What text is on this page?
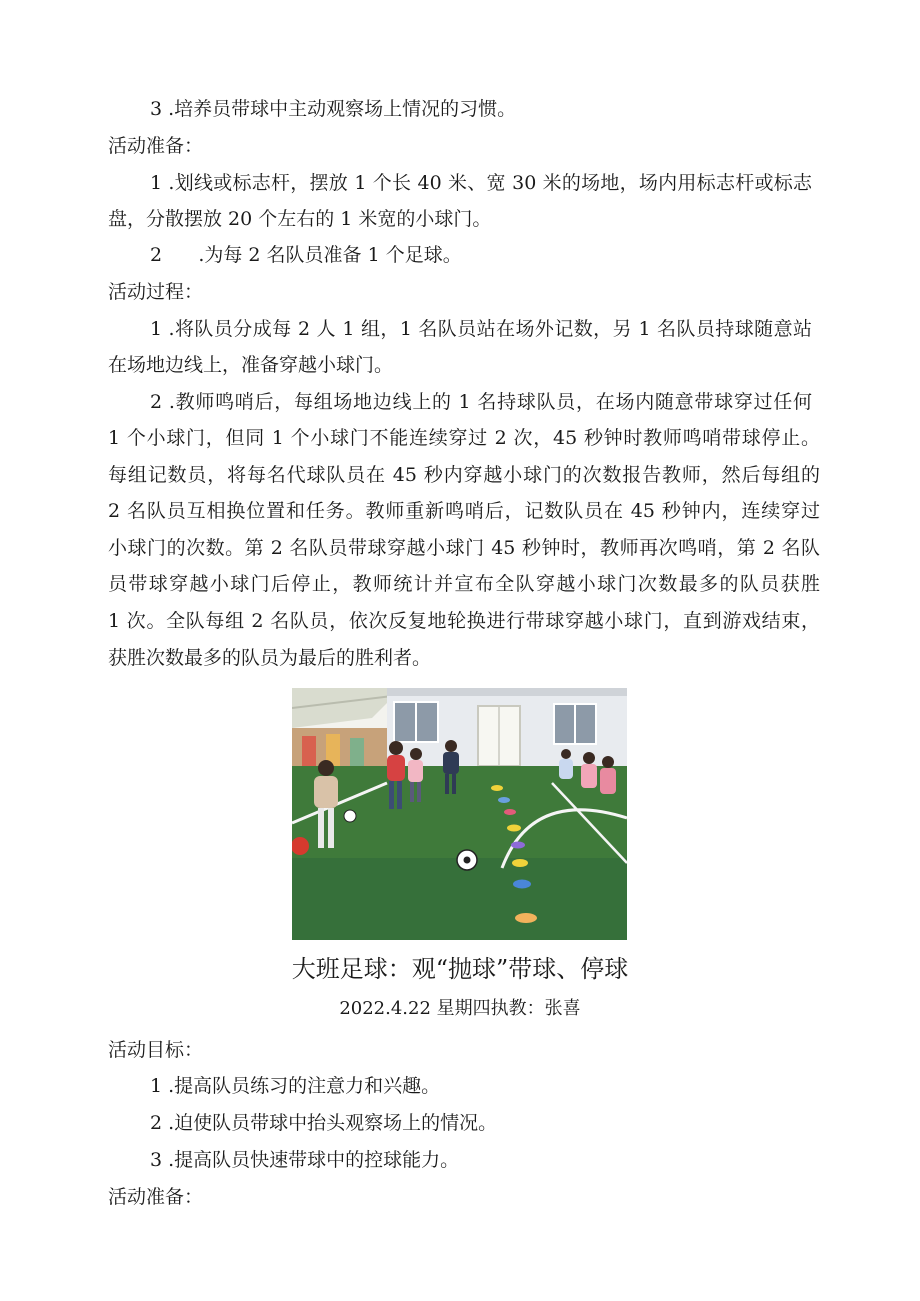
3 .培养员带球中主动观察场上情况的习惯。
活动准备：
1 .划线或标志杆，摆放 1 个长 40 米、宽 30 米的场地，场内用标志杆或标志
盘，分散摆放 20 个左右的 1 米宽的小球门。
2      .为每 2 名队员准备 1 个足球。
活动过程：
1 .将队员分成每 2 人 1 组，1 名队员站在场外记数，另 1 名队员持球随意站
在场地边线上，准备穿越小球门。
2 .教师鸣哨后，每组场地边线上的 1 名持球队员，在场内随意带球穿过任何
1 个小球门，但同 1 个小球门不能连续穿过 2 次，45 秒钟时教师鸣哨带球停止。
每组记数员，将每名代球队员在 45 秒内穿越小球门的次数报告教师，然后每组的
2 名队员互相换位置和任务。教师重新鸣哨后，记数队员在 45 秒钟内，连续穿过
小球门的次数。第 2 名队员带球穿越小球门 45 秒钟时，教师再次鸣哨，第 2 名队
员带球穿越小球门后停止，教师统计并宣布全队穿越小球门次数最多的队员获胜
1 次。全队每组 2 名队员，依次反复地轮换进行带球穿越小球门，直到游戏结束，
获胜次数最多的队员为最后的胜利者。
大班足球：观“抛球”带球、停球
2022.4.22 星期四执教：张喜
活动目标：
1 .提高队员练习的注意力和兴趣。
2 .迫使队员带球中抬头观察场上的情况。
3 .提高队员快速带球中的控球能力。
活动准备：
